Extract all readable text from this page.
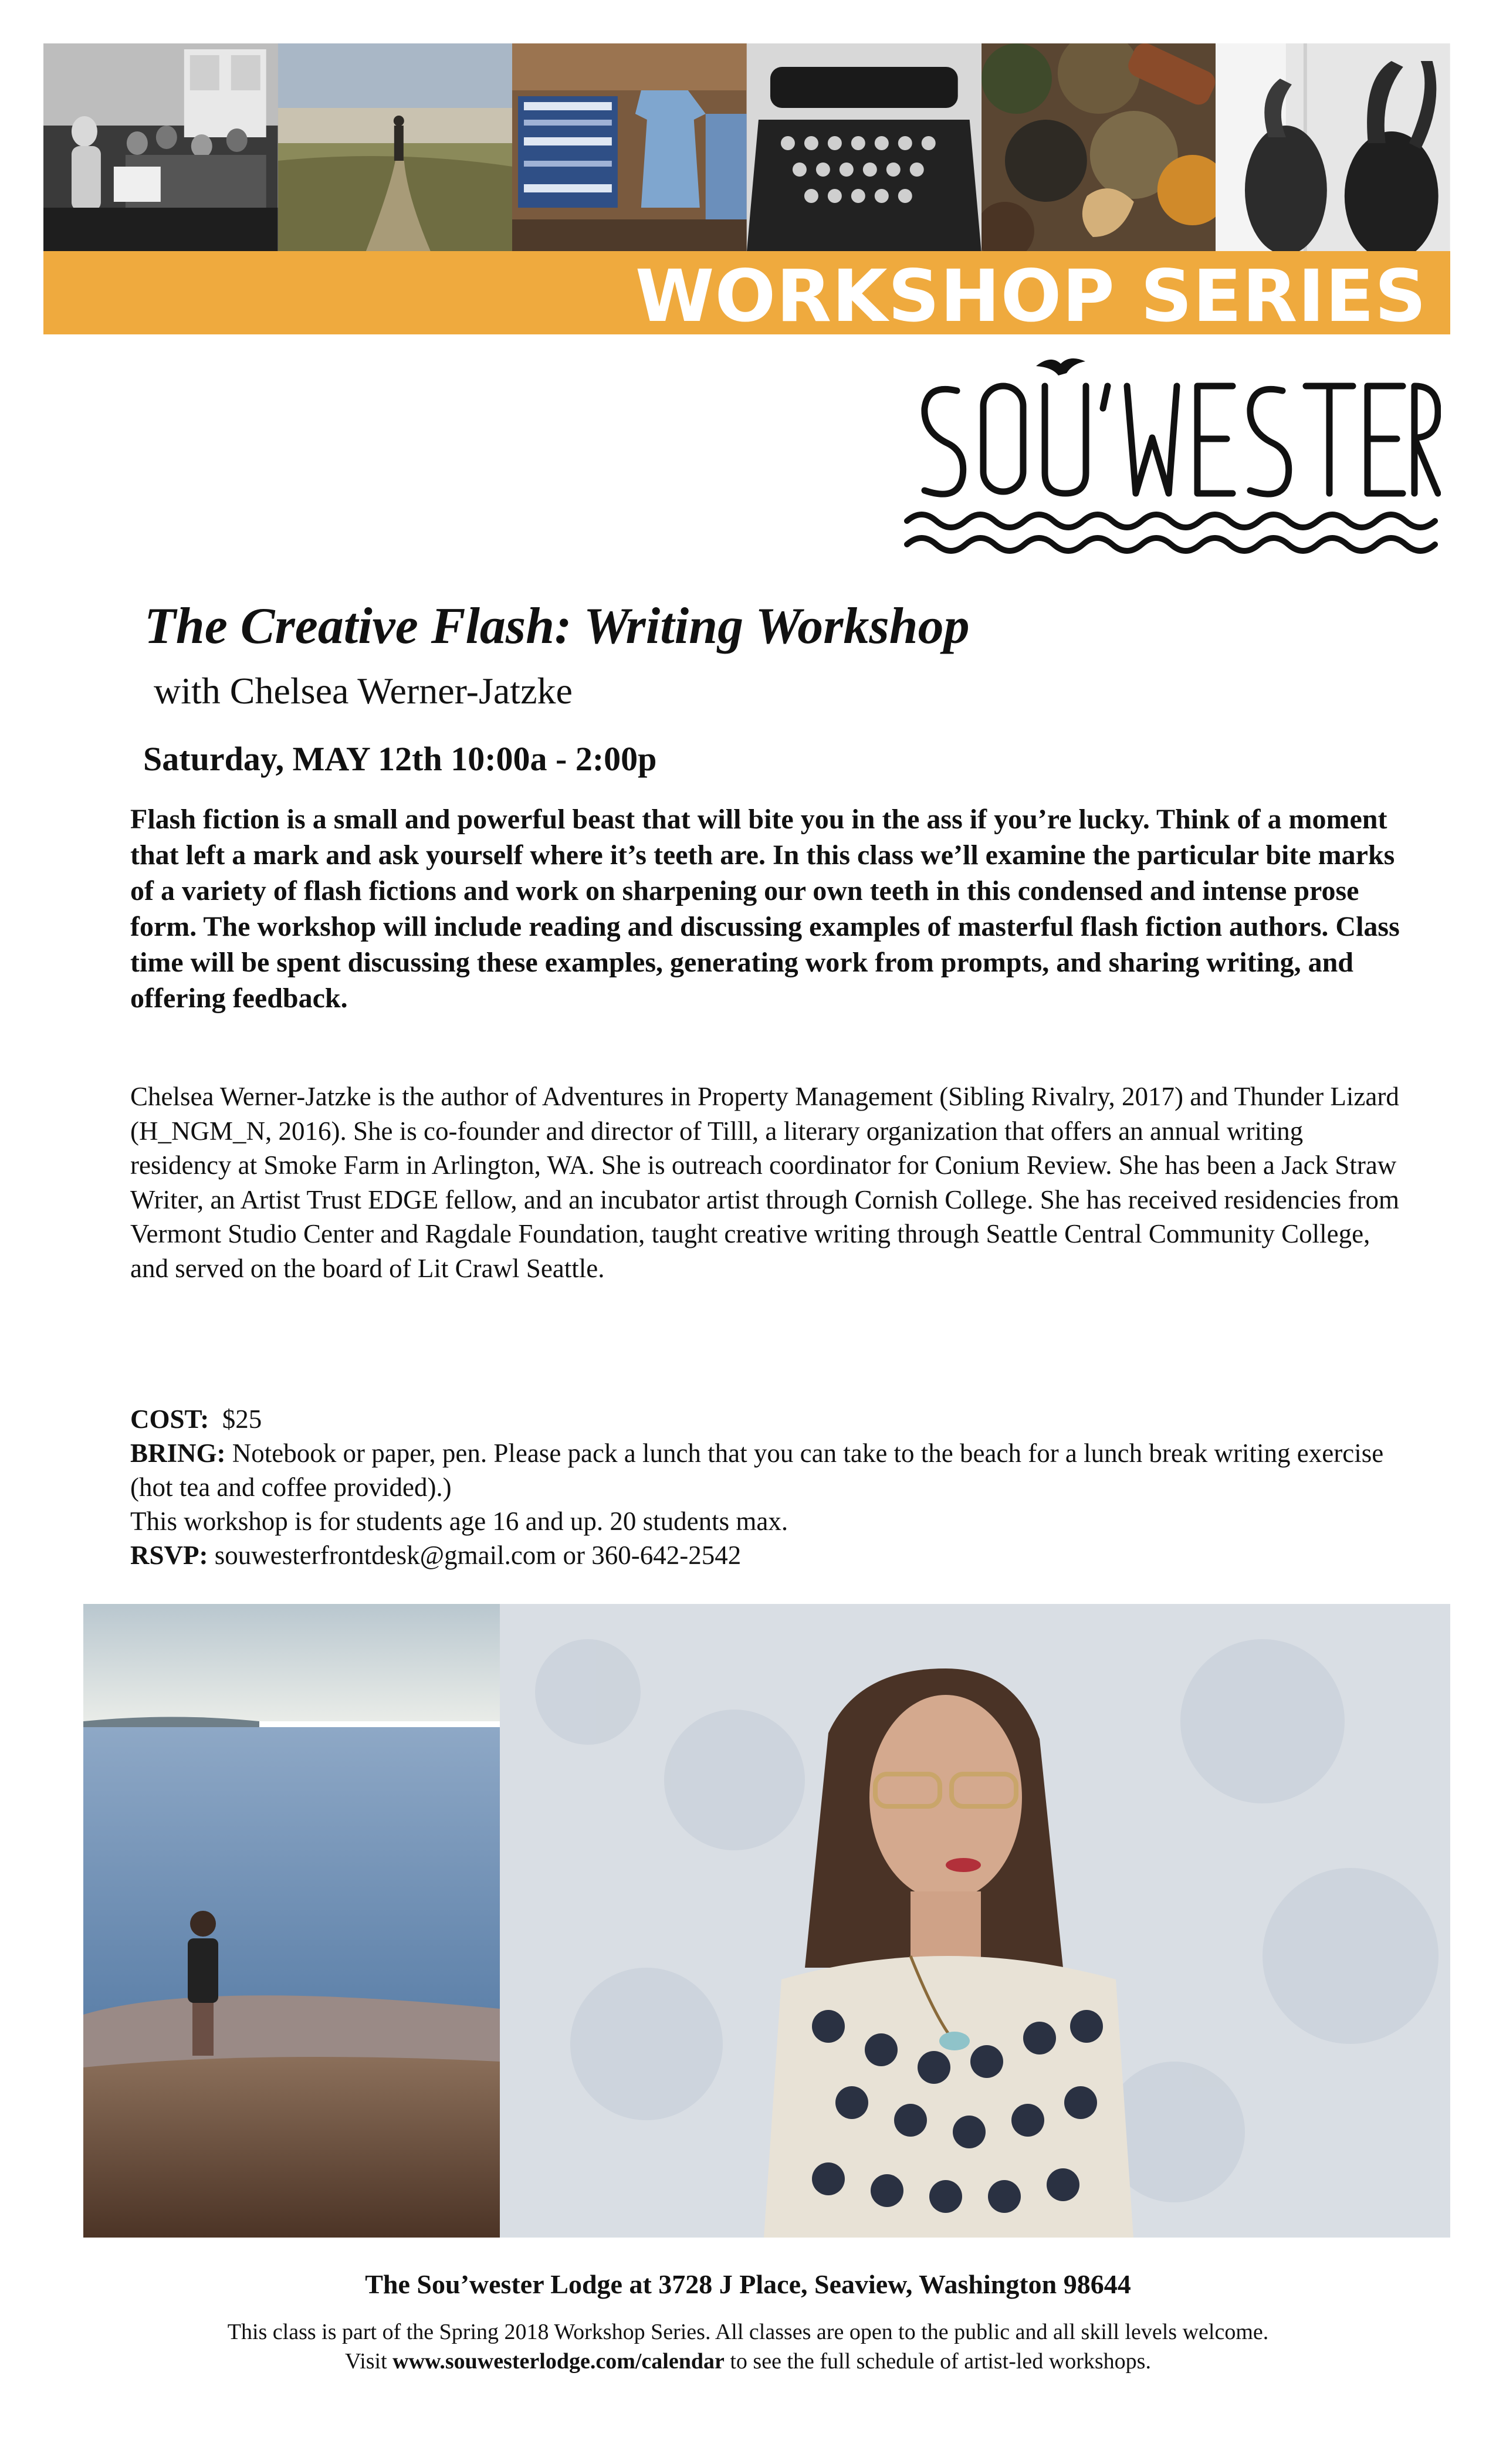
WORKSHOP SERIES
The Creative Flash: Writing Workshop
with Chelsea Werner-Jatzke
Saturday, MAY 12th 10:00a - 2:00p

Flash fiction is a small and powerful beast that will bite you in the ass if you’re lucky. Think of a moment that left a mark and ask yourself where it’s teeth are. In this class we’ll examine the particular bite marks of a variety of flash fictions and work on sharpening our own teeth in this condensed and intense prose form. The workshop will include reading and discussing examples of masterful flash fiction authors. Class time will be spent discussing these examples, generating work from prompts, and sharing writing, and offering feedback.

Chelsea Werner-Jatzke is the author of Adventures in Property Management (Sibling Rivalry, 2017) and Thunder Lizard (H_NGM_N, 2016). She is co-founder and director of Tilll, a literary organization that offers an annual writing residency at Smoke Farm in Arlington, WA. She is outreach coordinator for Conium Review. She has been a Jack Straw Writer, an Artist Trust EDGE fellow, and an incubator artist through Cornish College. She has received residencies from Vermont Studio Center and Ragdale Foundation, taught creative writing through Seattle Central Community College, and served on the board of Lit Crawl Seattle.

COST: $25

BRING: Notebook or paper, pen. Please pack a lunch that you can take to the beach for a lunch break writing exercise (hot tea and coffee provided).)

This workshop is for students age 16 and up. 20 students max.

RSVP: souwesterfrontdesk@gmail.com or 360-642-2542

The Sou’wester Lodge at 3728 J Place, Seaview, Washington 98644

This class is part of the Spring 2018 Workshop Series. All classes are open to the public and all skill levels welcome.

Visit www.souwesterlodge.com/calendar to see the full schedule of artist-led workshops.
